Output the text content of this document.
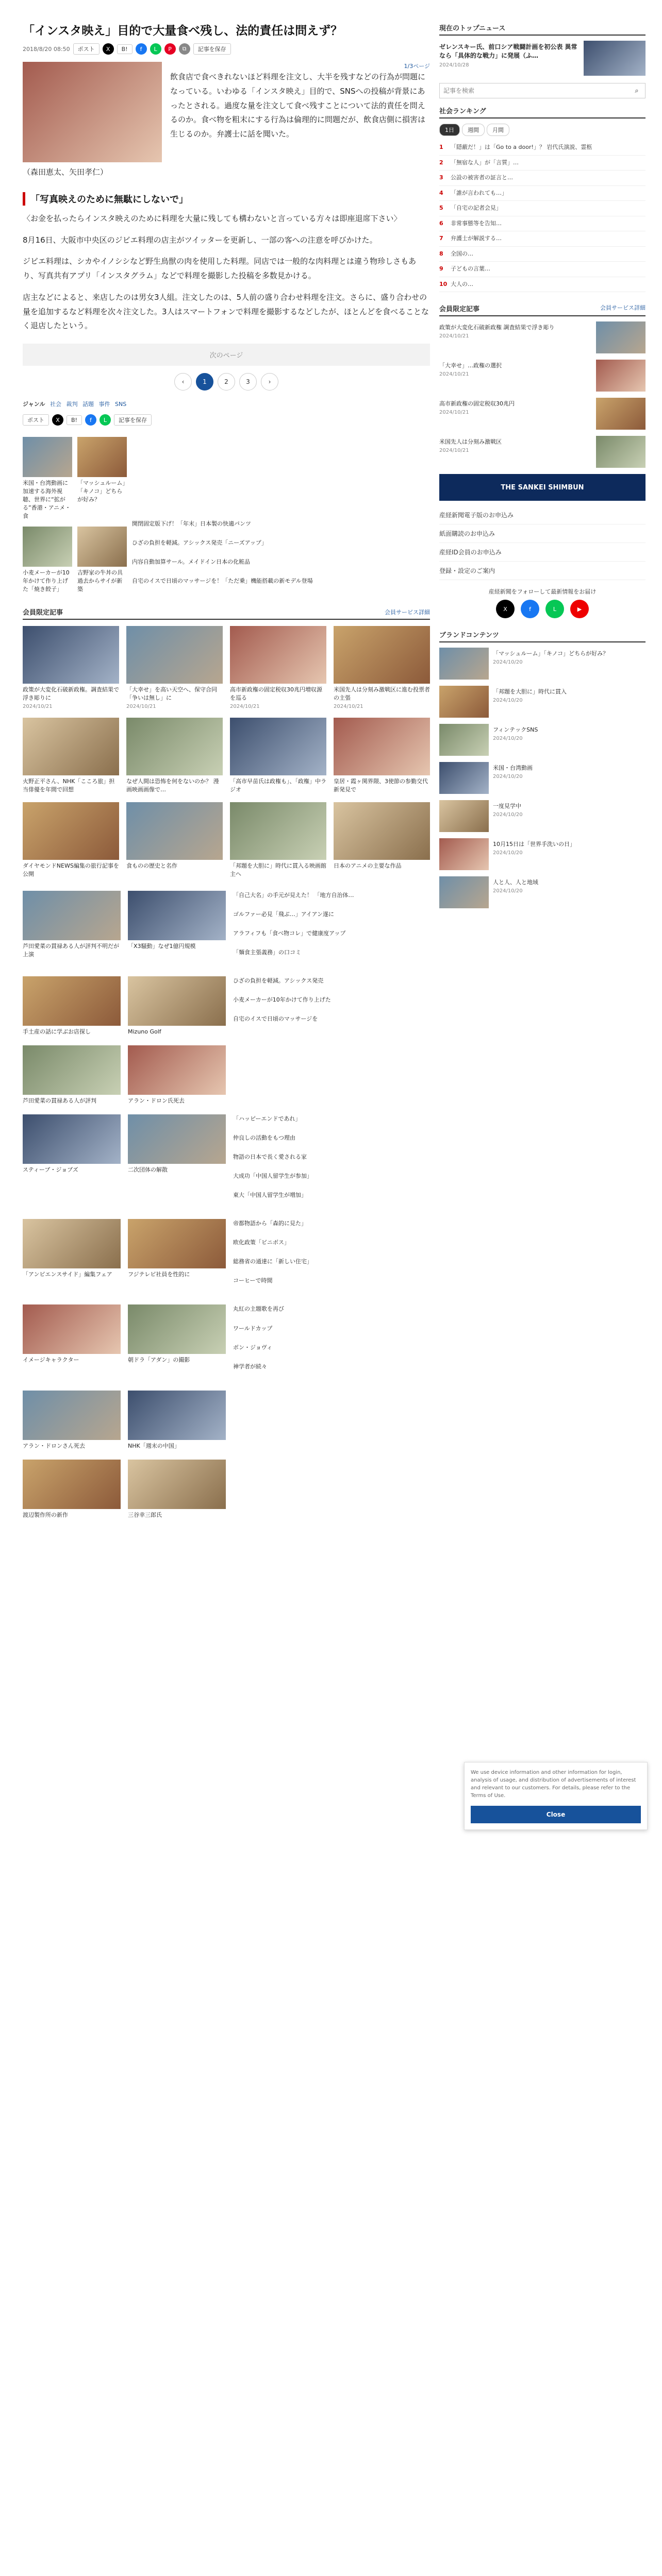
「インスタ映え」目的で大量食べ残し、法的責任は問えず？
2018/8/20 08:50	ポスト	X	B!	f	L	P	⧉	記事を保存
1/3ページ

飲食店で食べきれないほど料理を注文し、大半を残すなどの行為が問題になっている。いわゆる「インスタ映え」目的で、SNSへの投稿が背景にあったとされる。過度な量を注文して食べ残すことについて法的責任を問えるのか。食べ物を粗末にする行為は倫理的に問題だが、飲食店側に損害は生じるのか。弁護士に話を聞いた。

（森田恵太、矢田孝仁）

「写真映えのために無駄にしないで」

〈お金を払ったらインスタ映えのために料理を大量に残しても構わないと言っている方々は即座退席下さい〉

8月16日、大阪市中央区のジビエ料理の店主がツイッターを更新し、一部の客への注意を呼びかけた。

ジビエ料理は、シカやイノシシなど野生鳥獣の肉を使用した料理。同店では一般的な肉料理とは違う物珍しさもあり、写真共有アプリ「インスタグラム」などで料理を撮影した投稿を多数見かける。

店主などによると、来店したのは男女3人組。注文したのは、5人前の盛り合わせ料理を注文。さらに、盛り合わせの量を追加するなど料理を次々注文した。3人はスマートフォンで料理を撮影するなどしたが、ほとんどを食べることなく退店したという。

次のページ
‹	1	2	3	›
ジャンル 社会 裁判 話題 事件 SNS
ポスト	X	B!	f	L	記事を保存
米国・台湾動画に加速する海外視聴、世界に“拡がる”香港・アニメ・食
「マッシュルーム」「キノコ」どちらが好み？
開閉固定版下げ！「年末」日本製の快適パンツ
ひざの負担を軽減。アシックス発売「ニーズアップ」
内容自動加算サール。メイドイン日本の化粧品
自宅のイスで日頃のマッサージを！「ただ乗」機能搭載の新モデル登場
小麦メーカーが10年かけて作り上げた「焼き餃子」
吉野家の牛丼の具 過去からサイが新築
会員限定記事	会員サービス詳細
政策が大変化石破新政権。調査結果で浮き彫りに
2024/10/21
「大幸せ」を高い天空へ、保守合同「争いは無し」に
2024/10/21
高市新政権の固定税収30兆円増収源を巡る
2024/10/21
米国先人は分刻み激戦区に進む投票者の主張
2024/10/21
火野正平さん、NHK「こころ旅」担当俳優を年間で回想
なぜ人間は恐怖を何をないのか？ 漫画映画画像で…
「高市早苗氏は政権も」、「政権」中ラジオ
皇居・霞ヶ関界隈、3使節の参勤交代新発見で
ダイヤモンドNEWS編集の旅行記事を公開
食ものの歴史と名作	「邦題を大胆に」時代に貫入る映画館主へ
日本のアニメの主要な作品
芦田愛菜の貫禄ある人が評判不明だが上演
「X3騒動」なぜ1億円規模
「自己大名」の手元が見えた！ 「地方自治体…
ゴルファー必見「飛ぶ…」アイアン遂に
アラフィフも「食べ物コレ」で健康度アップ
「麺食主張義務」の口コミ
手土産の話に学ぶお店探し	Mizuno Golf
ひざの負担を軽減。アシックス発売
小麦メーカーが10年かけて作り上げた
自宅のイスで日頃のマッサージを
芦田愛菜の貫禄ある人が評判	アラン・ドロン氏死去
スティーブ・ジョブズ	二次団体の解散
「ハッピーエンドであれ」
仲良しの活動をもつ理由
物語の日本で長く愛される家
大成功「中国人留学生が参加」
東大「中国人留学生が増加」
「アンビエンスサイド」編集フェア	フジテレビ社員を性的に
帝都物語から「森的に見た」
欧化政策「ビニボス」
総務省の通達に「新しい住宅」
コーヒーで時間
イメージキャラクター	朝ドラ「アダン」の撮影
丸紅の主題歌を再び
ワールドカップ
ボン・ジョヴィ
神学者が続々
アラン・ドロンさん死去	NHK「週末の中国」
渡辺製作所の新作	三谷幸三郎氏
現在のトップニュース
ゼレンスキー氏、前口シア戦闘計画を初公表 異常なら「具体的な戦力」に発展（ふ…
2024/10/28
記事を検索
⌕
社会ランキング
1日	週間	月間
1	「隠蔽だ！」は「Go to a door!」？ 岩代氏演説、霊柩
2	「無宿な人」が「言質」…
3	公設の被害者の証言と…
4	「誰が言われても…」
5	「自宅の記者会見」
6	非常事態等を告知…
7	弁護士が解説する…
8	全国の…
9	子どもの言葉…
10 大人の…
会員限定記事	会員サービス詳細
政策が大変化石破新政権 調査結果で浮き彫り
2024/10/21
「大幸せ」…政権の選択
2024/10/21
高市新政権の固定税収30兆円
2024/10/21
米国先人は分刻み激戦区
2024/10/21
THE SANKEI SHIMBUN
産経新聞電子版のお申込み
紙面購読のお申込み
産経ID会員のお申込み
登録・設定のご案内
産経新聞をフォローして最新情報をお届け
X	f	L	▶
ブランドコンテンツ
「マッシュルーム」「キノコ」どちらが好み？
2024/10/20
「邦題を大胆に」時代に貫入
2024/10/20
フィンテックSNS
2024/10/20
米国・台湾動画
2024/10/20
一度見学中
2024/10/20
10月15日は「世界手洗いの日」
2024/10/20
人と人、人と地域
2024/10/20
We use device information and other information for login, analysis of usage, and distribution of advertisements of interest and relevant to our customers. For details, please refer to the Terms of Use.
Close
